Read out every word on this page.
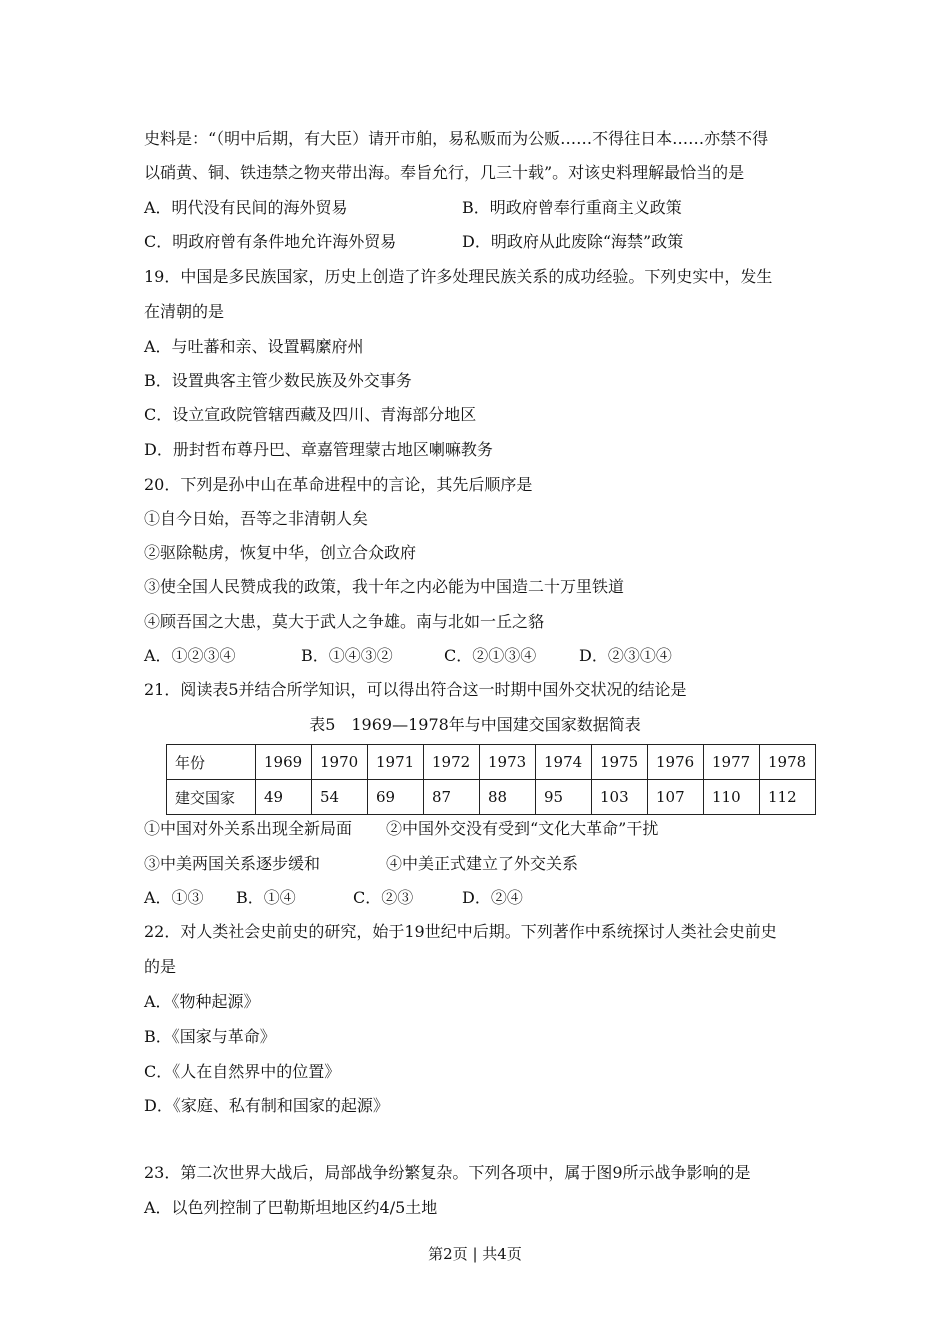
史料是：“（明中后期，有大臣）请开市舶，易私贩而为公贩……不得往日本……亦禁不得
以硝黄、铜、铁违禁之物夹带出海。奉旨允行，几三十载”。对该史料理解最恰当的是
A．明代没有民间的海外贸易	B．明政府曾奉行重商主义政策
C．明政府曾有条件地允许海外贸易	D．明政府从此废除“海禁”政策
19．中国是多民族国家，历史上创造了许多处理民族关系的成功经验。下列史实中，发生
在清朝的是
A．与吐蕃和亲、设置羁縻府州
B．设置典客主管少数民族及外交事务
C．设立宣政院管辖西藏及四川、青海部分地区
D．册封哲布尊丹巴、章嘉管理蒙古地区喇嘛教务
20．下列是孙中山在革命进程中的言论，其先后顺序是
①自今日始，吾等之非清朝人矣
②驱除鞑虏，恢复中华，创立合众政府
③使全国人民赞成我的政策，我十年之内必能为中国造二十万里铁道
④顾吾国之大患，莫大于武人之争雄。南与北如一丘之貉
A．①②③④	B．①④③②	C．②①③④	D．②③①④
21．阅读表5并结合所学知识，可以得出符合这一时期中国外交状况的结论是
表5　1969—1978年与中国建交国家数据简表
年份	1969	1970	1971	1972	1973	1974	1975	1976	1977	1978
建交国家	49	54	69	87	88	95	103	107	110	112
①中国对外关系出现全新局面 ②中国外交没有受到“文化大革命”干扰
③中美两国关系逐步缓和	④中美正式建立了外交关系
A．①③ B．①④	C．②③	D．②④
22．对人类社会史前史的研究，始于19世纪中后期。下列著作中系统探讨人类社会史前史
的是
A．《物种起源》
B．《国家与革命》
C．《人在自然界中的位置》
D．《家庭、私有制和国家的起源》
23．第二次世界大战后，局部战争纷繁复杂。下列各项中，属于图9所示战争影响的是
A．以色列控制了巴勒斯坦地区约4/5土地
第2页 | 共4页
